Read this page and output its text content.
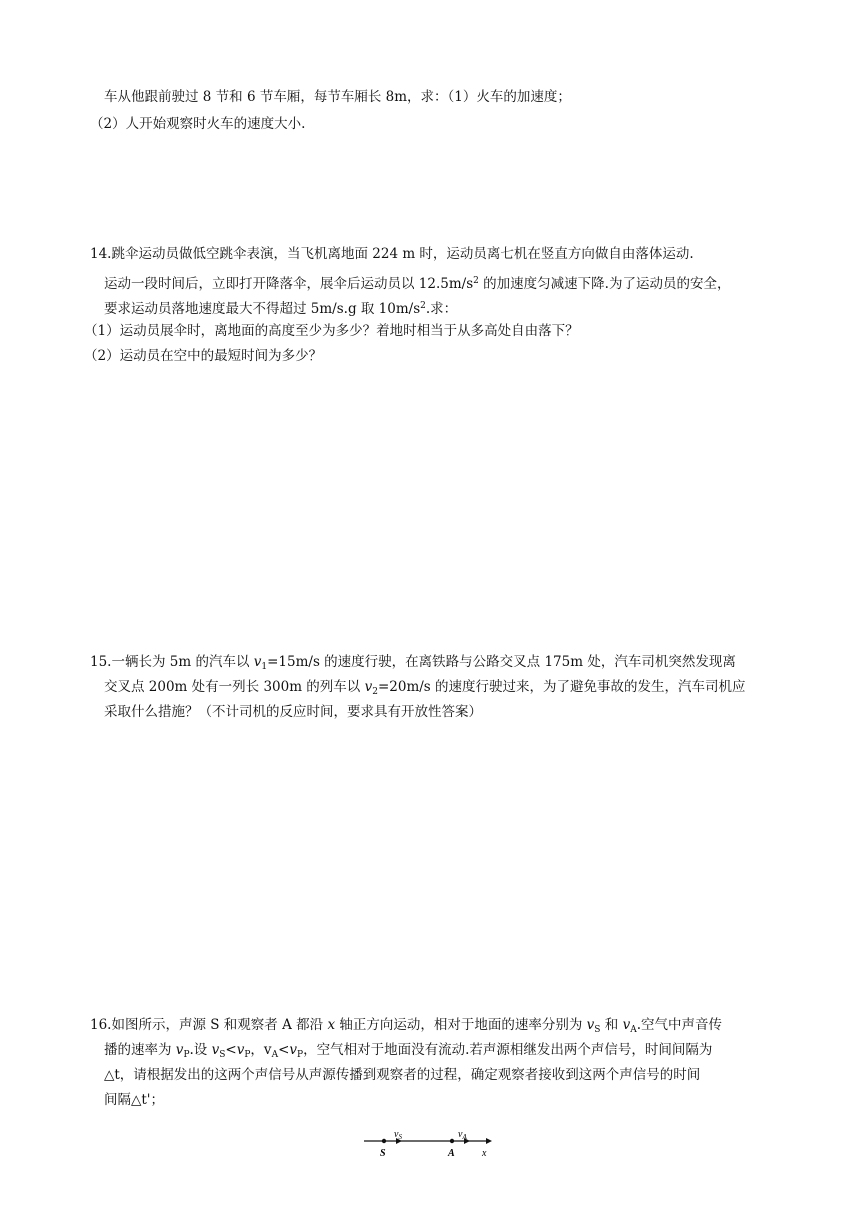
车从他跟前驶过 8 节和 6 节车厢，每节车厢长 8m，求：（1）火车的加速度；
（2）人开始观察时火车的速度大小.
14.跳伞运动员做低空跳伞表演，当飞机离地面 224 m 时，运动员离七机在竖直方向做自由落体运动.
运动一段时间后，立即打开降落伞，展伞后运动员以 $12.5m/s^2$ 的加速度匀减速下降.为了运动员的安全，
要求运动员落地速度最大不得超过 5m/s.g 取 $10m/s^2$.求：
（1）运动员展伞时，离地面的高度至少为多少？着地时相当于从多高处自由落下？
（2）运动员在空中的最短时间为多少？
15.一辆长为 5m 的汽车以 $v_1=15m/s$ 的速度行驶，在离铁路与公路交叉点 175m 处，汽车司机突然发现离
交叉点 200m 处有一列长 300m 的列车以 $v_2=20m/s$ 的速度行驶过来，为了避免事故的发生，汽车司机应
采取什么措施？（不计司机的反应时间，要求具有开放性答案）
16.如图所示，声源 S 和观察者 A 都沿 x 轴正方向运动，相对于地面的速率分别为 $v_S$ 和 $v_A$.空气中声音传
播的速率为 $v_P$.设 $v_S<v_P$，$v_A<v_P$，空气相对于地面没有流动.若声源相继发出两个声信号，时间间隔为
△t，请根据发出的这两个声信号从声源传播到观察者的过程，确定观察者接收到这两个声信号的时间
间隔△t'；
$v_S$	$v_A$
S	A	x
